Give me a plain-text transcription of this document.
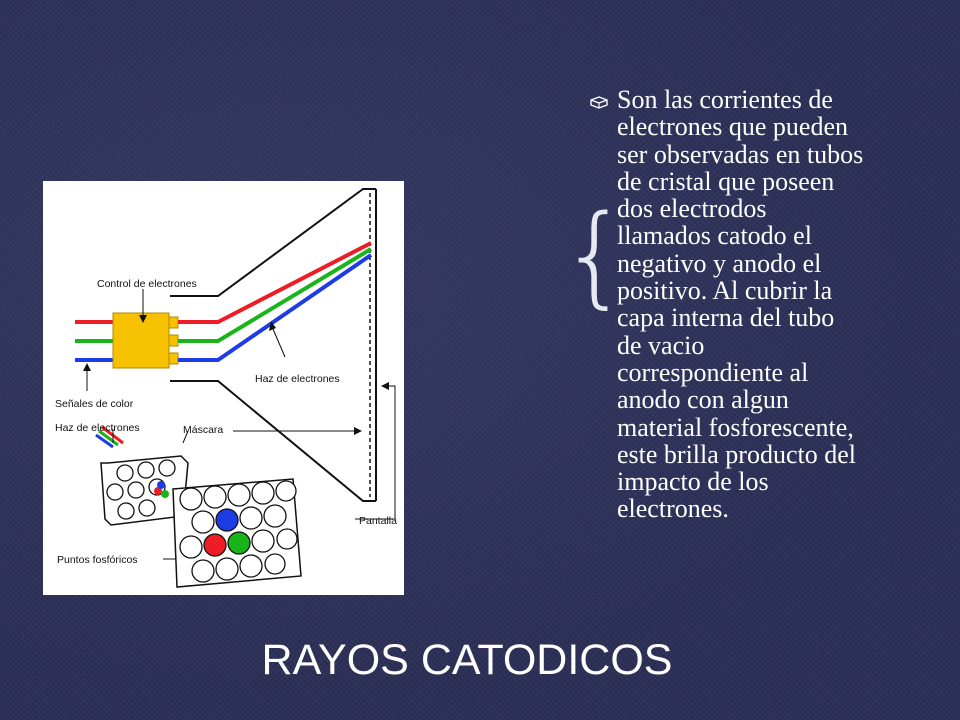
Control de electrones
Haz de electrones
Señales de color
Haz de electrones	Máscara
Pantalla
Puntos fosfóricos
{

Son las corrientes de
electrones que pueden
ser observadas en tubos
de cristal que poseen
dos electrodos
llamados catodo el
negativo y anodo el
positivo. Al cubrir la
capa interna del tubo
de vacio
correspondiente al
anodo con algun
material fosforescente,
este brilla producto del
impacto de los
electrones.

RAYOS CATODICOS
